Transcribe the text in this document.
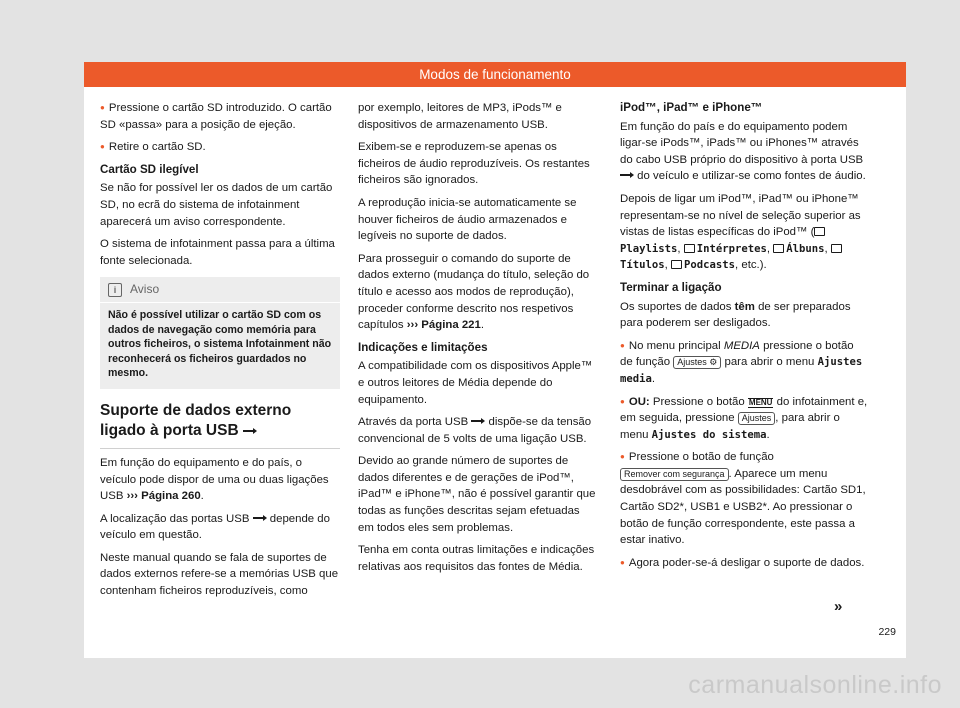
Modos de funcionamento

● Pressione o cartão SD introduzido. O cartão SD «passa» para a posição de ejeção.

● Retire o cartão SD.

Cartão SD ilegível

Se não for possível ler os dados de um cartão SD, no ecrã do sistema de infotainment aparecerá um aviso correspondente.

O sistema de infotainment passa para a última fonte selecionada.

i	Aviso
Não é possível utilizar o cartão SD com os dados de navegação como memória para outros ficheiros, o sistema Infotainment não reconhecerá os ficheiros guardados no mesmo.
Suporte de dados externo ligado à porta USB

Em função do equipamento e do país, o veículo pode dispor de uma ou duas ligações USB ››› Página 260.

A localização das portas USB depende do veículo em questão.

Neste manual quando se fala de suportes de dados externos refere-se a memórias USB que contenham ficheiros reproduzíveis, como

por exemplo, leitores de MP3, iPods™ e dispositivos de armazenamento USB.

Exibem-se e reproduzem-se apenas os ficheiros de áudio reproduzíveis. Os restantes ficheiros são ignorados.

A reprodução inicia-se automaticamente se houver ficheiros de áudio armazenados e legíveis no suporte de dados.

Para prosseguir o comando do suporte de dados externo (mudança do título, seleção do título e acesso aos modos de reprodução), proceder conforme descrito nos respetivos capítulos ››› Página 221.

Indicações e limitações

A compatibilidade com os dispositivos Apple™ e outros leitores de Média depende do equipamento.

Através da porta USB dispõe-se da tensão convencional de 5 volts de uma ligação USB.

Devido ao grande número de suportes de dados diferentes e de gerações de iPod™, iPad™ e iPhone™, não é possível garantir que todas as funções descritas sejam efetuadas em todos eles sem problemas.

Tenha em conta outras limitações e indicações relativas aos requisitos das fontes de Média.

iPod™, iPad™ e iPhone™

Em função do país e do equipamento podem ligar-se iPods™, iPads™ ou iPhones™ através do cabo USB próprio do dispositivo à porta USB  do veículo e utilizar-se como fontes de áudio.

Depois de ligar um iPod™, iPad™ ou iPhone™ representam-se no nível de seleção superior as vistas de listas específicas do iPod™ (Playlists, Intérpretes, Álbuns, Títulos, Podcasts, etc.).

Terminar a ligação

Os suportes de dados têm de ser preparados para poderem ser desligados.

● No menu principal MEDIA pressione o botão de função Ajustes ⚙ para abrir o menu Ajustes media.

● OU: Pressione o botão MENU do infotainment e, em seguida, pressione Ajustes , para abrir o menu Ajustes do sistema.

● Pressione o botão de função Remover com segurança . Aparece um menu desdobrável com as possibilidades: Cartão SD1, Cartão SD2*, USB1 e USB2*. Ao pressionar o botão de função correspondente, este passa a estar inativo.

● Agora poder-se-á desligar o suporte de dados.

»
229
carmanualsonline.info
